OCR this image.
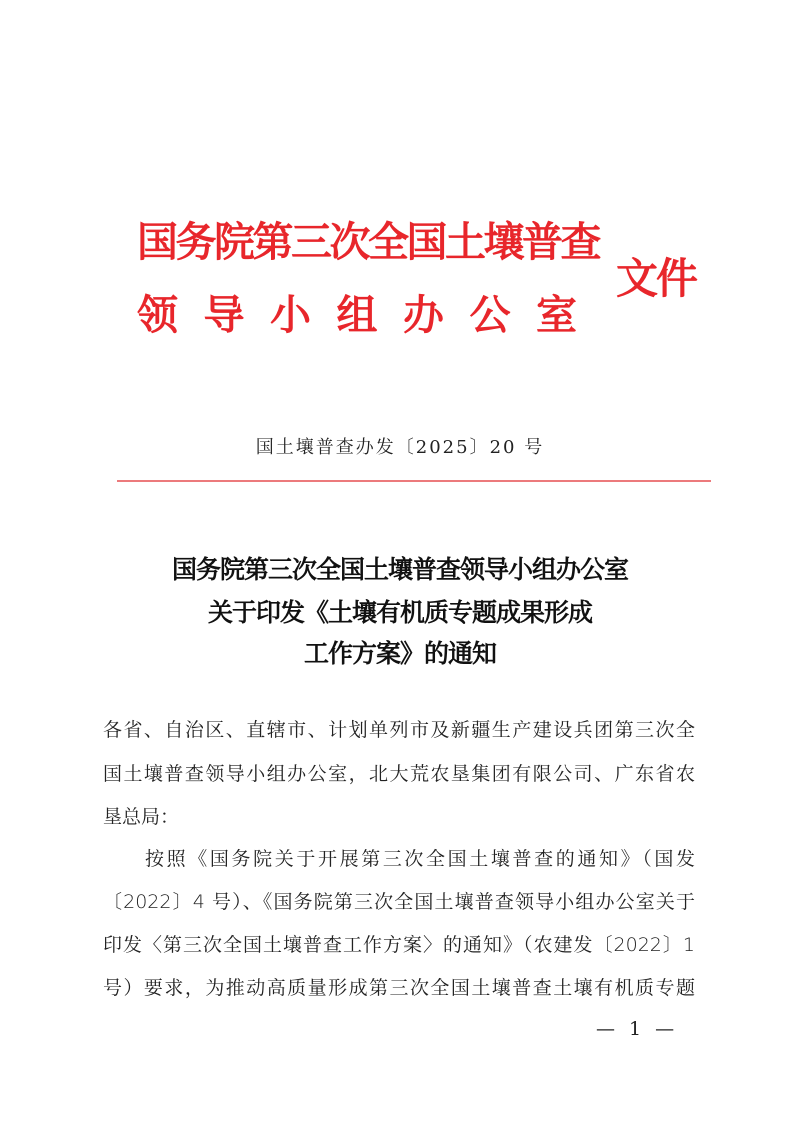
国务院第三次全国土壤普查
领 导 小 组 办 公 室
文件
国土壤普查办发〔2025〕20 号
国务院第三次全国土壤普查领导小组办公室
关于印发《土壤有机质专题成果形成
工作方案》的通知
各省、自治区、直辖市、计划单列市及新疆生产建设兵团第三次全
国土壤普查领导小组办公室，北大荒农垦集团有限公司、广东省农
垦总局：
按照《国务院关于开展第三次全国土壤普查的通知》（国发
〔2022〕4 号）、《国务院第三次全国土壤普查领导小组办公室关于
印发〈第三次全国土壤普查工作方案〉的通知》（农建发〔2022〕1
号）要求，为推动高质量形成第三次全国土壤普查土壤有机质专题
— 1 —
